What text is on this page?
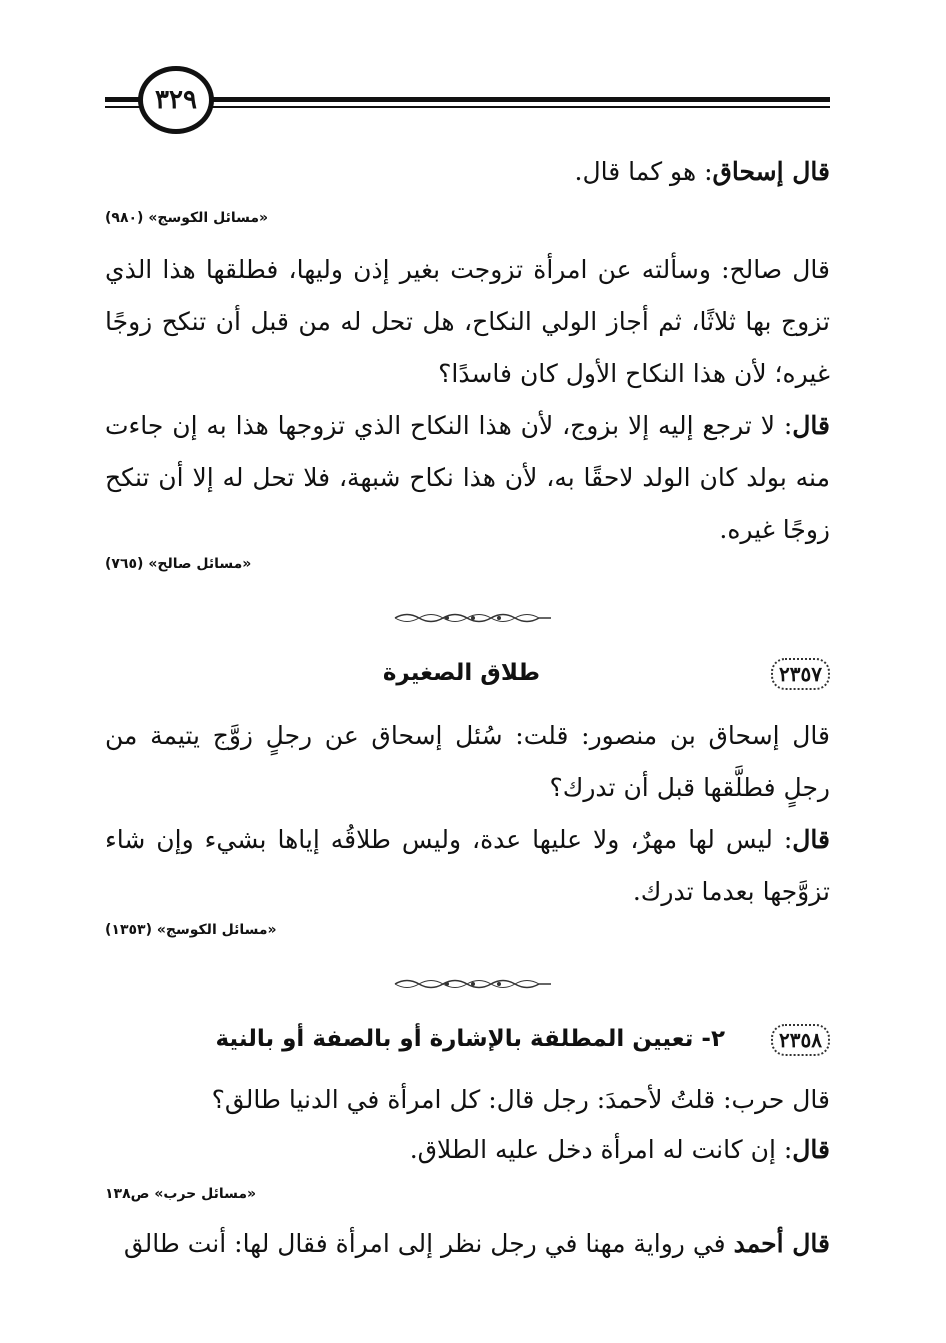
٣٢٩

قال إسحاق: هو كما قال.

«مسائل الكوسج» (٩٨٠)

قال صالح: وسألته عن امرأة تزوجت بغير إذن وليها، فطلقها هذا الذي تزوج بها ثلاثًا، ثم أجاز الولي النكاح، هل تحل له من قبل أن تنكح زوجًا غيره؛ لأن هذا النكاح الأول كان فاسدًا؟

قال: لا ترجع إليه إلا بزوج، لأن هذا النكاح الذي تزوجها هذا به إن جاءت منه بولد كان الولد لاحقًا به، لأن هذا نكاح شبهة، فلا تحل له إلا أن تنكح زوجًا غيره.

«مسائل صالح» (٧٦٥)

٢٣٥٧
طلاق الصغيرة

قال إسحاق بن منصور: قلت: سُئل إسحاق عن رجلٍ زوَّج يتيمة من رجلٍ فطلَّقها قبل أن تدرك؟

قال: ليس لها مهرٌ، ولا عليها عدة، وليس طلاقُه إياها بشيء وإن شاء تزوَّجها بعدما تدرك.

«مسائل الكوسج» (١٣٥٣)

٢٣٥٨
٢- تعيين المطلقة بالإشارة أو بالصفة أو بالنية

قال حرب: قلتُ لأحمدَ: رجل قال: كل امرأة في الدنيا طالق؟

قال: إن كانت له امرأة دخل عليه الطلاق.

«مسائل حرب» ص١٣٨

قال أحمد في رواية مهنا في رجل نظر إلى امرأة فقال لها: أنت طالق
